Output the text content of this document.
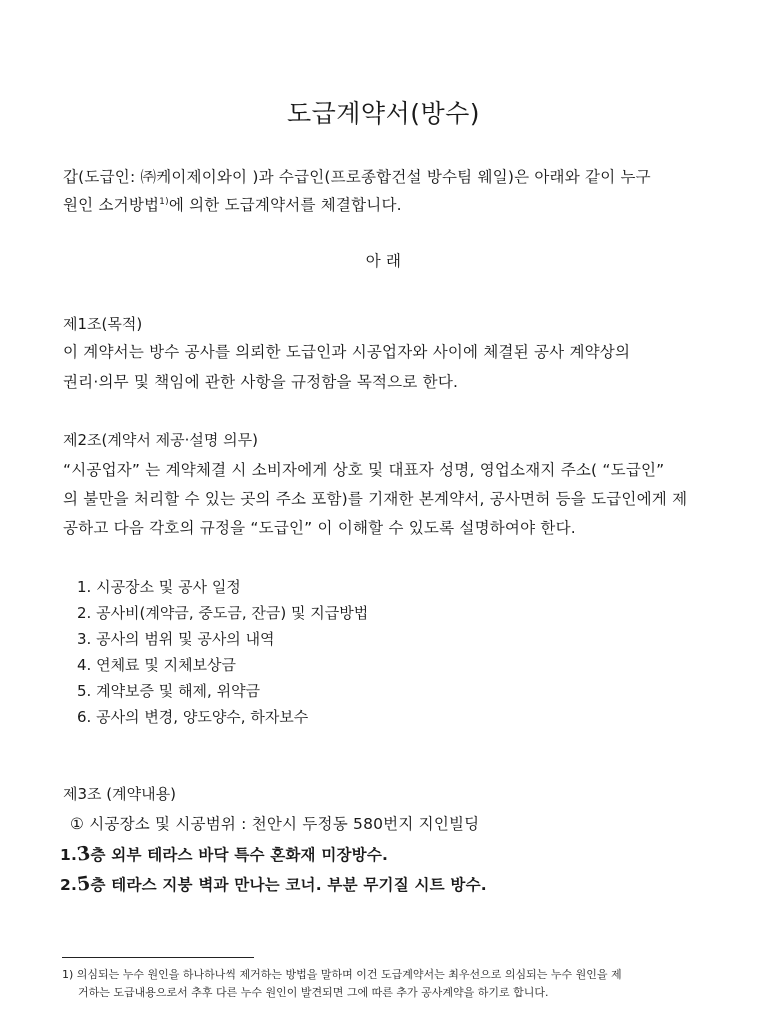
도급계약서(방수)
갑(도급인: ㈜케이제이와이 )과 수급인(프로종합건설 방수팀 웨일)은 아래와 같이 누구
원인 소거방법$^{1)}$에 의한 도급계약서를 체결합니다.
아 래
제1조(목적)
이 계약서는 방수 공사를 의뢰한 도급인과 시공업자와 사이에 체결된 공사 계약상의
권리·의무 및 책임에 관한 사항을 규정함을 목적으로 한다.
제2조(계약서 제공·설명 의무)
“시공업자” 는 계약체결 시 소비자에게 상호 및 대표자 성명, 영업소재지 주소( “도급인”
의 불만을 처리할 수 있는 곳의 주소 포함)를 기재한 본계약서, 공사면허 등을 도급인에게 제
공하고 다음 각호의 규정을 “도급인” 이 이해할 수 있도록 설명하여야 한다.
1. 시공장소 및 공사 일정
2. 공사비(계약금, 중도금, 잔금) 및 지급방법
3. 공사의 범위 및 공사의 내역
4. 연체료 및 지체보상금
5. 계약보증 및 해제, 위약금
6. 공사의 변경, 양도양수, 하자보수
제3조 (계약내용)
① 시공장소 및 시공범위 : 천안시 두정동 580번지 지인빌딩
1.3층 외부 테라스 바닥 특수 혼화재 미장방수.
2.5층 테라스 지붕 벽과 만나는 코너. 부분 무기질 시트 방수.
1) 의심되는 누수 원인을 하나하나씩 제거하는 방법을 말하며 이건 도급계약서는 최우선으로 의심되는 누수 원인을 제
거하는 도급내용으로서 추후 다른 누수 원인이 발견되면 그에 따른 추가 공사계약을 하기로 합니다.
